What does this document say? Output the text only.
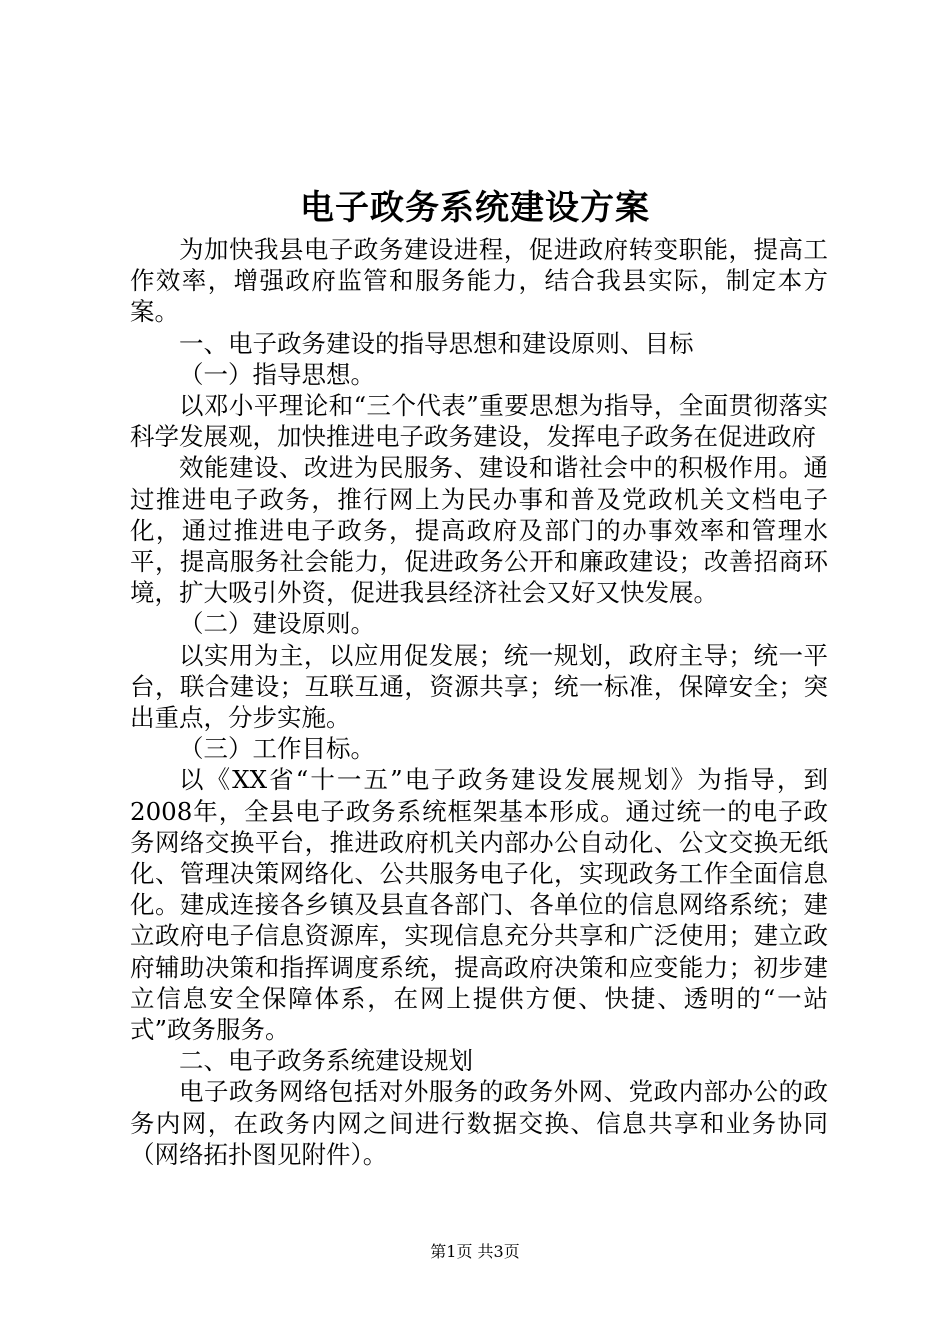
电子政务系统建设方案

为加快我县电子政务建设进程，促进政府转变职能，提高工作效率，增强政府监管和服务能力，结合我县实际，制定本方案。

一、电子政务建设的指导思想和建设原则、目标

（一）指导思想。

以邓小平理论和“三个代表”重要思想为指导，全面贯彻落实科学发展观，加快推进电子政务建设，发挥电子政务在促进政府

效能建设、改进为民服务、建设和谐社会中的积极作用。通过推进电子政务，推行网上为民办事和普及党政机关文档电子化，通过推进电子政务，提高政府及部门的办事效率和管理水平，提高服务社会能力，促进政务公开和廉政建设；改善招商环境，扩大吸引外资，促进我县经济社会又好又快发展。

（二）建设原则。

以实用为主，以应用促发展；统一规划，政府主导；统一平台，联合建设；互联互通，资源共享；统一标准，保障安全；突出重点，分步实施。

（三）工作目标。

以《XX省“十一五”电子政务建设发展规划》为指导，到2008年，全县电子政务系统框架基本形成。通过统一的电子政务网络交换平台，推进政府机关内部办公自动化、公文交换无纸化、管理决策网络化、公共服务电子化，实现政务工作全面信息化。建成连接各乡镇及县直各部门、各单位的信息网络系统；建立政府电子信息资源库，实现信息充分共享和广泛使用；建立政府辅助决策和指挥调度系统，提高政府决策和应变能力；初步建立信息安全保障体系，在网上提供方便、快捷、透明的“一站式”政务服务。

二、电子政务系统建设规划

电子政务网络包括对外服务的政务外网、党政内部办公的政务内网，在政务内网之间进行数据交换、信息共享和业务协同（网络拓扑图见附件）。

第1页 共3页
